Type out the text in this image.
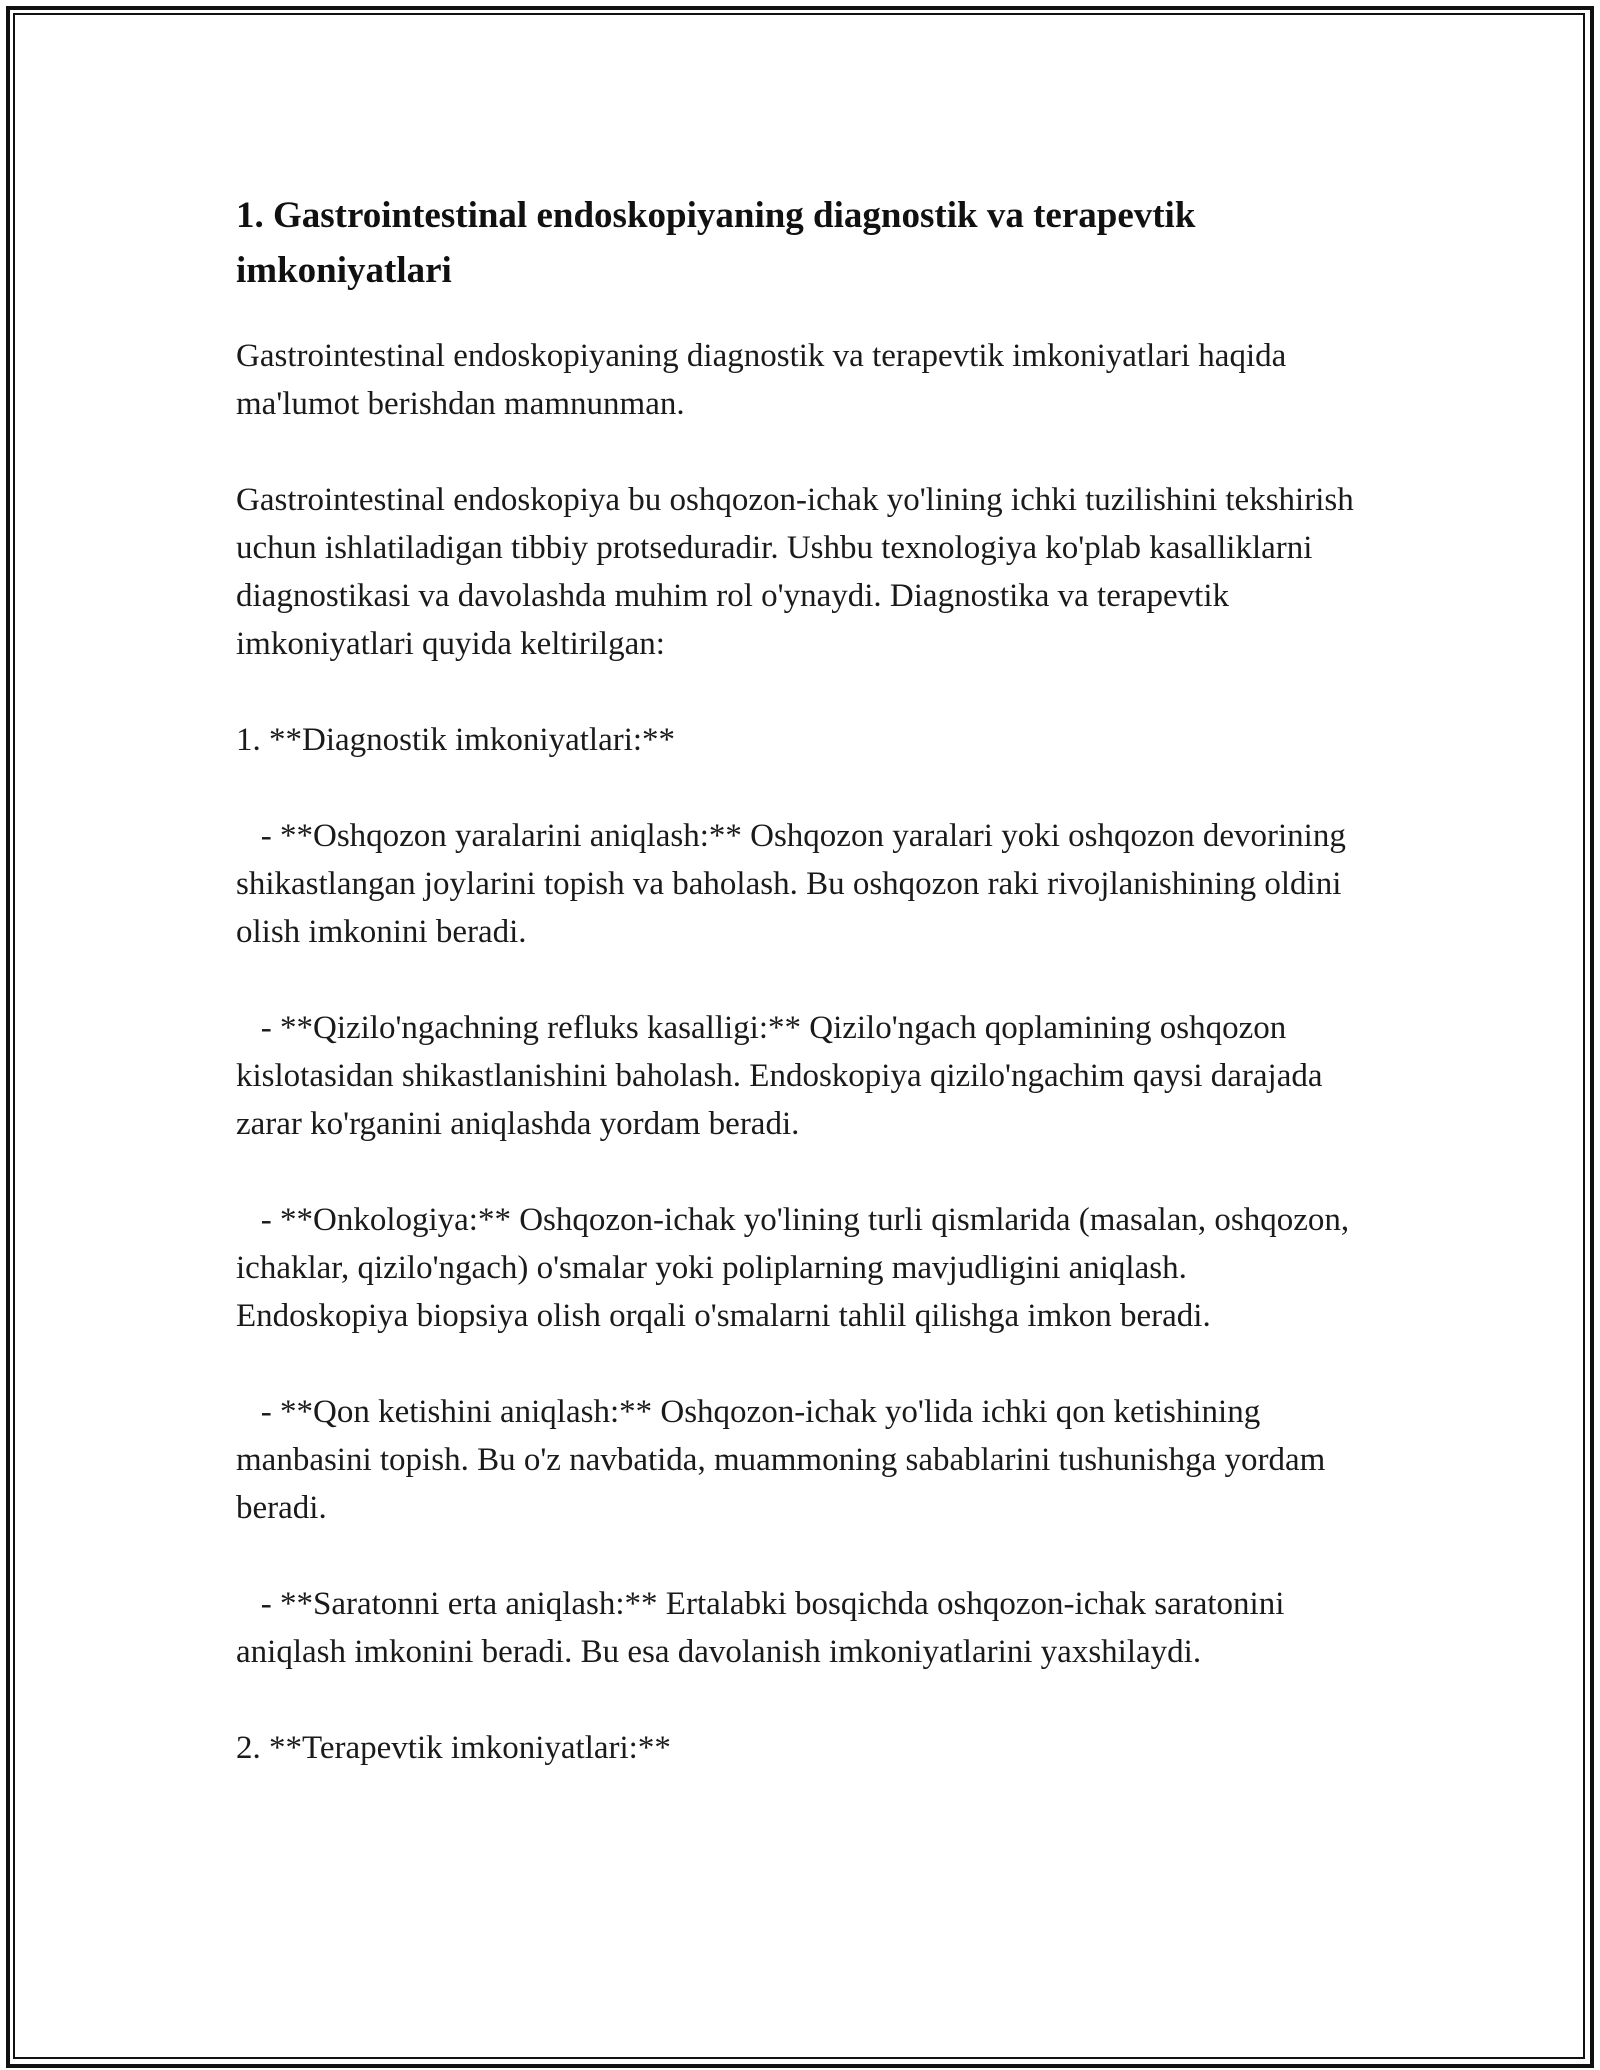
1. Gastrointestinal endoskopiyaning diagnostik va terapevtik imkoniyatlari

Gastrointestinal endoskopiyaning diagnostik va terapevtik imkoniyatlari haqida ma'lumot berishdan mamnunman.

Gastrointestinal endoskopiya bu oshqozon-ichak yo'lining ichki tuzilishini tekshirish uchun ishlatiladigan tibbiy protseduradir. Ushbu texnologiya ko'plab kasalliklarni diagnostikasi va davolashda muhim rol o'ynaydi. Diagnostika va terapevtik imkoniyatlari quyida keltirilgan:

1. **Diagnostik imkoniyatlari:**

- **Oshqozon yaralarini aniqlash:** Oshqozon yaralari yoki oshqozon devorining shikastlangan joylarini topish va baholash. Bu oshqozon raki rivojlanishining oldini olish imkonini beradi.

- **Qizilo'ngachning refluks kasalligi:** Qizilo'ngach qoplamining oshqozon kislotasidan shikastlanishini baholash. Endoskopiya qizilo'ngachim qaysi darajada zarar ko'rganini aniqlashda yordam beradi.

- **Onkologiya:** Oshqozon-ichak yo'lining turli qismlarida (masalan, oshqozon, ichaklar, qizilo'ngach) o'smalar yoki poliplarning mavjudligini aniqlash. Endoskopiya biopsiya olish orqali o'smalarni tahlil qilishga imkon beradi.

- **Qon ketishini aniqlash:** Oshqozon-ichak yo'lida ichki qon ketishining manbasini topish. Bu o'z navbatida, muammoning sabablarini tushunishga yordam beradi.

- **Saratonni erta aniqlash:** Ertalabki bosqichda oshqozon-ichak saratonini aniqlash imkonini beradi. Bu esa davolanish imkoniyatlarini yaxshilaydi.

2. **Terapevtik imkoniyatlari:**
